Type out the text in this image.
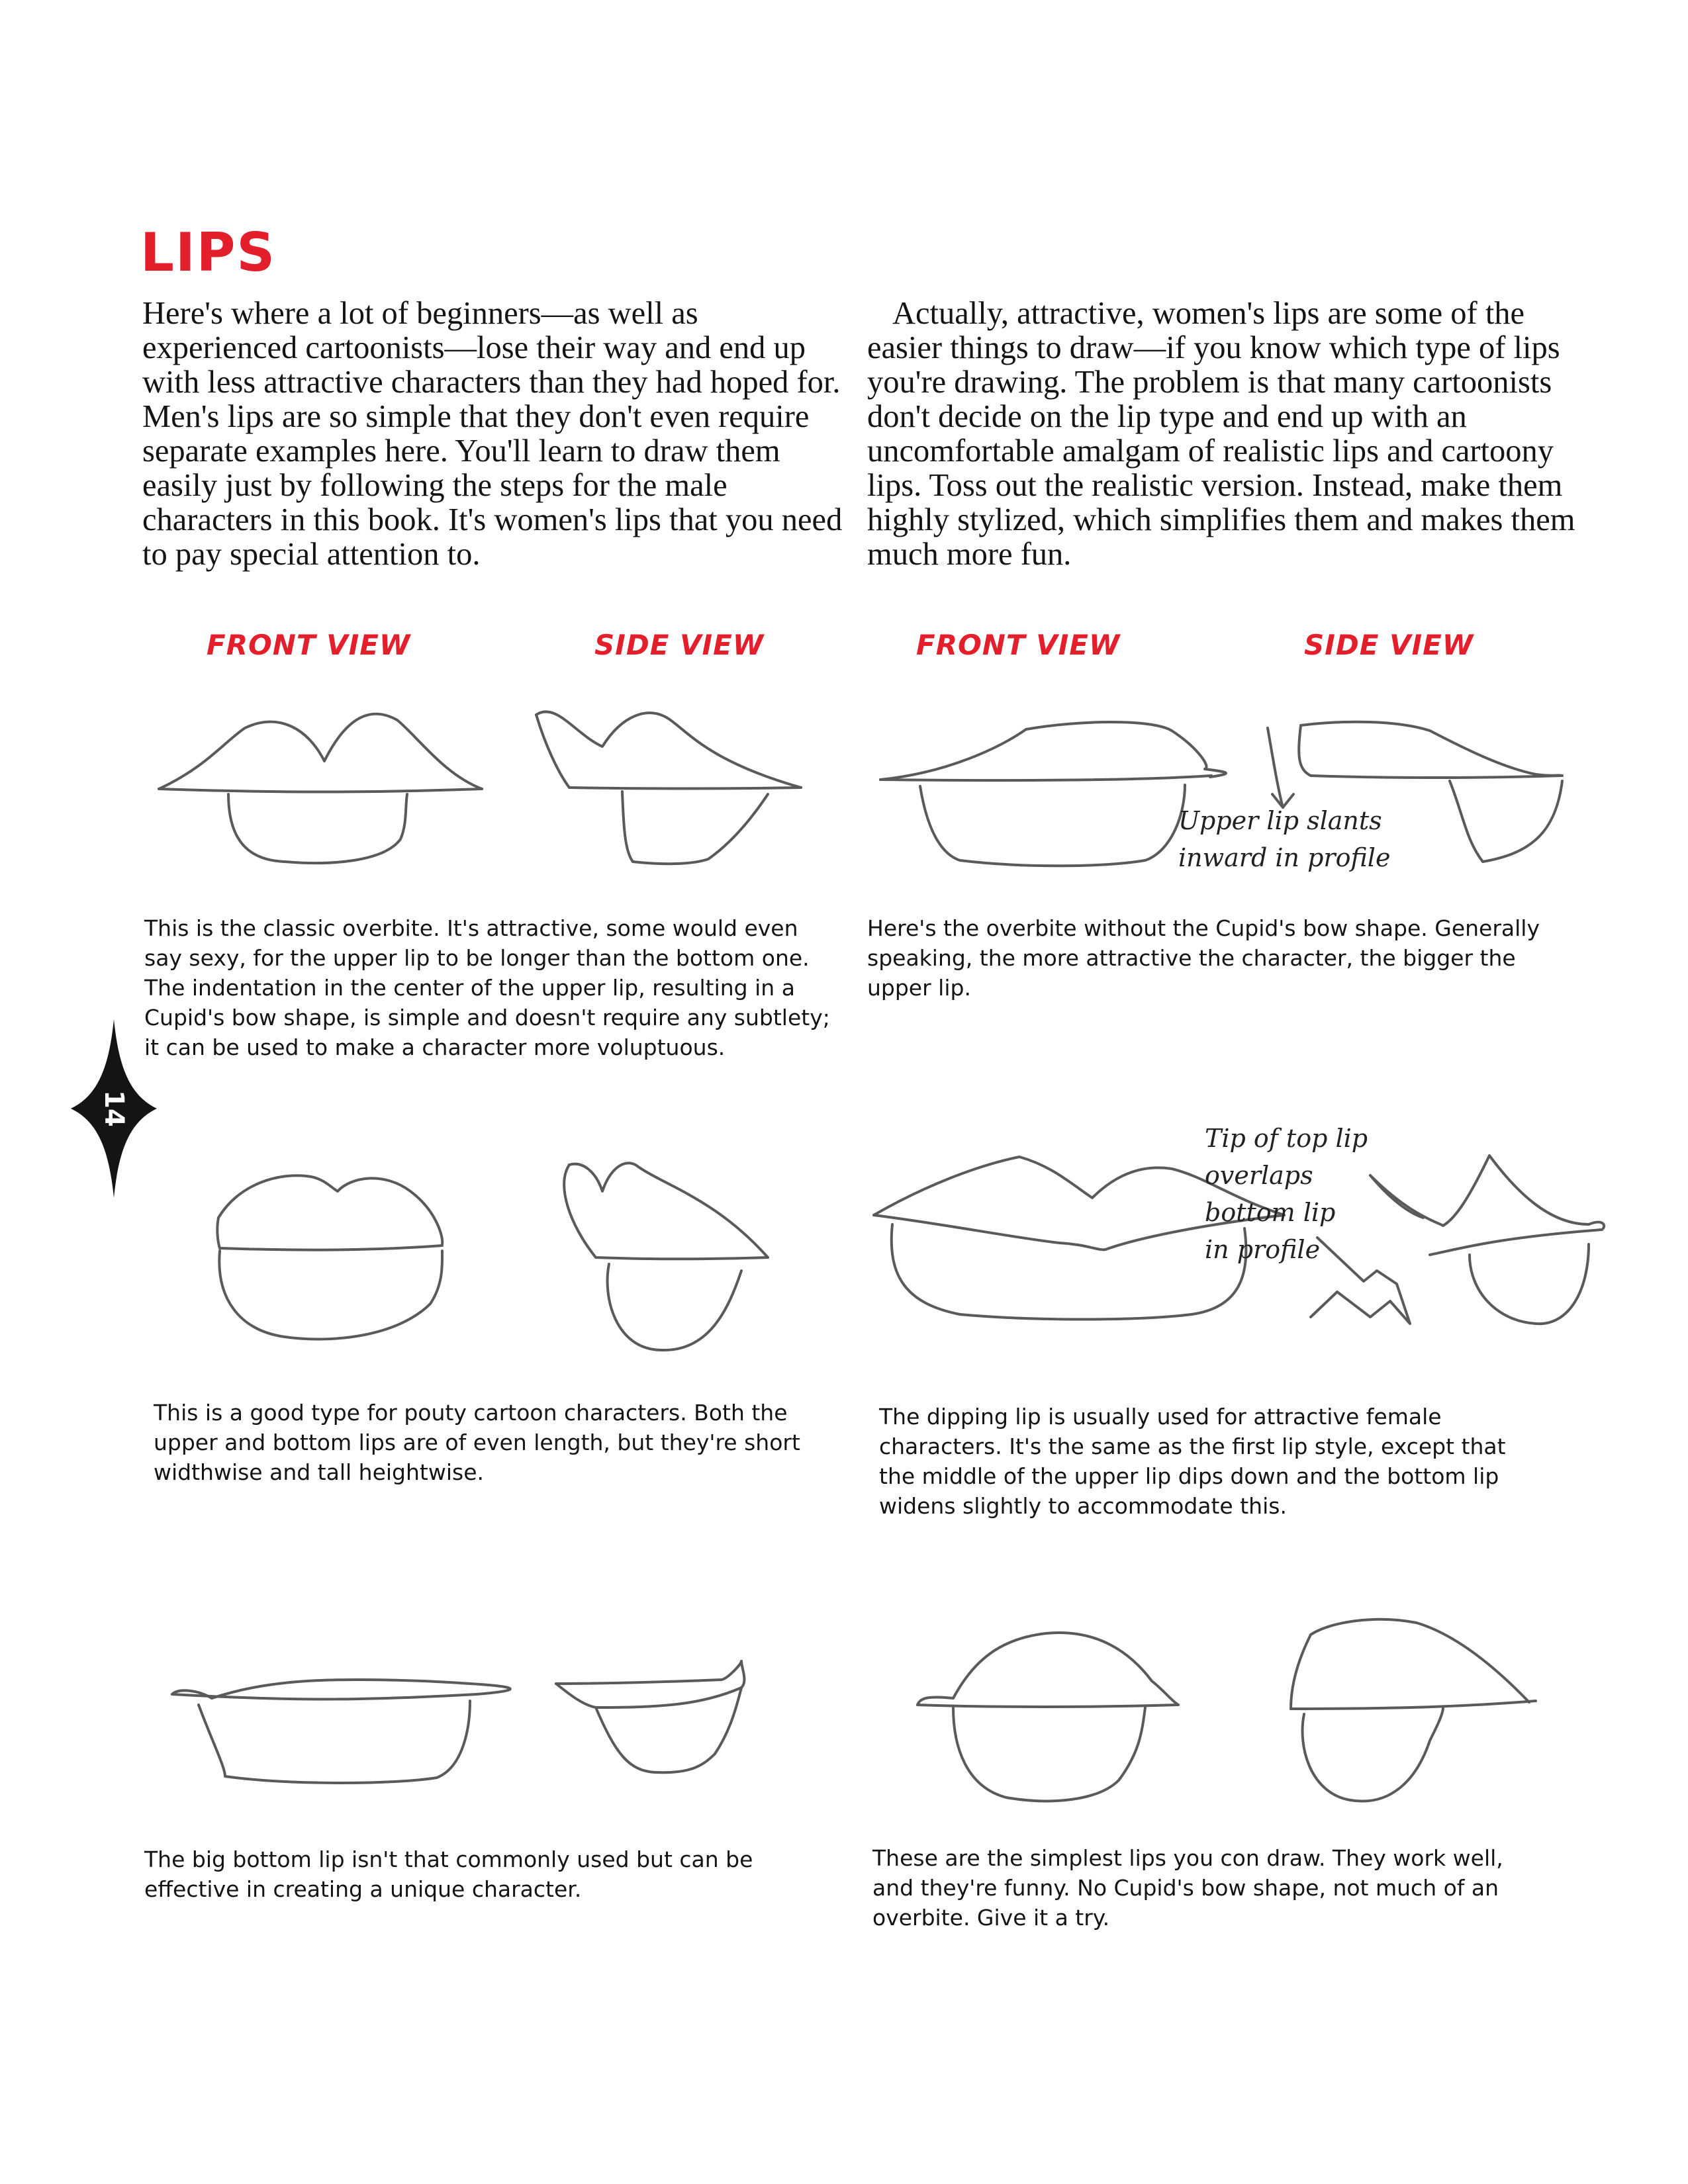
LIPS

Here's where a lot of beginners—as well as experienced cartoonists—lose their way and end up with less attractive characters than they had hoped for. Men's lips are so simple that they don't even require separate examples here. You'll learn to draw them easily just by following the steps for the male characters in this book. It's women's lips that you need to pay special attention to.

Actually, attractive, women's lips are some of the easier things to draw—if you know which type of lips you're drawing. The problem is that many cartoonists don't decide on the lip type and end up with an uncomfortable amalgam of realistic lips and cartoony lips. Toss out the realistic version. Instead, make them highly stylized, which simplifies them and makes them much more fun.

FRONT VIEW	SIDE VIEW	FRONT VIEW	SIDE VIEW

Upper lip slants

inward in profile

This is the classic overbite. It's attractive, some would even say sexy, for the upper lip to be longer than the bottom one. The indentation in the center of the upper lip, resulting in a Cupid's bow shape, is simple and doesn't require any subtlety; it can be used to make a character more voluptuous.

Here's the overbite without the Cupid's bow shape. Generally speaking, the more attractive the character, the bigger the upper lip.

14

Tip of top lip

overlaps

bottom lip

in profile

This is a good type for pouty cartoon characters. Both the upper and bottom lips are of even length, but they're short widthwise and tall heightwise.

The dipping lip is usually used for attractive female characters. It's the same as the first lip style, except that the middle of the upper lip dips down and the bottom lip widens slightly to accommodate this.

The big bottom lip isn't that commonly used but can be effective in creating a unique character.

These are the simplest lips you con draw. They work well, and they're funny. No Cupid's bow shape, not much of an overbite. Give it a try.
